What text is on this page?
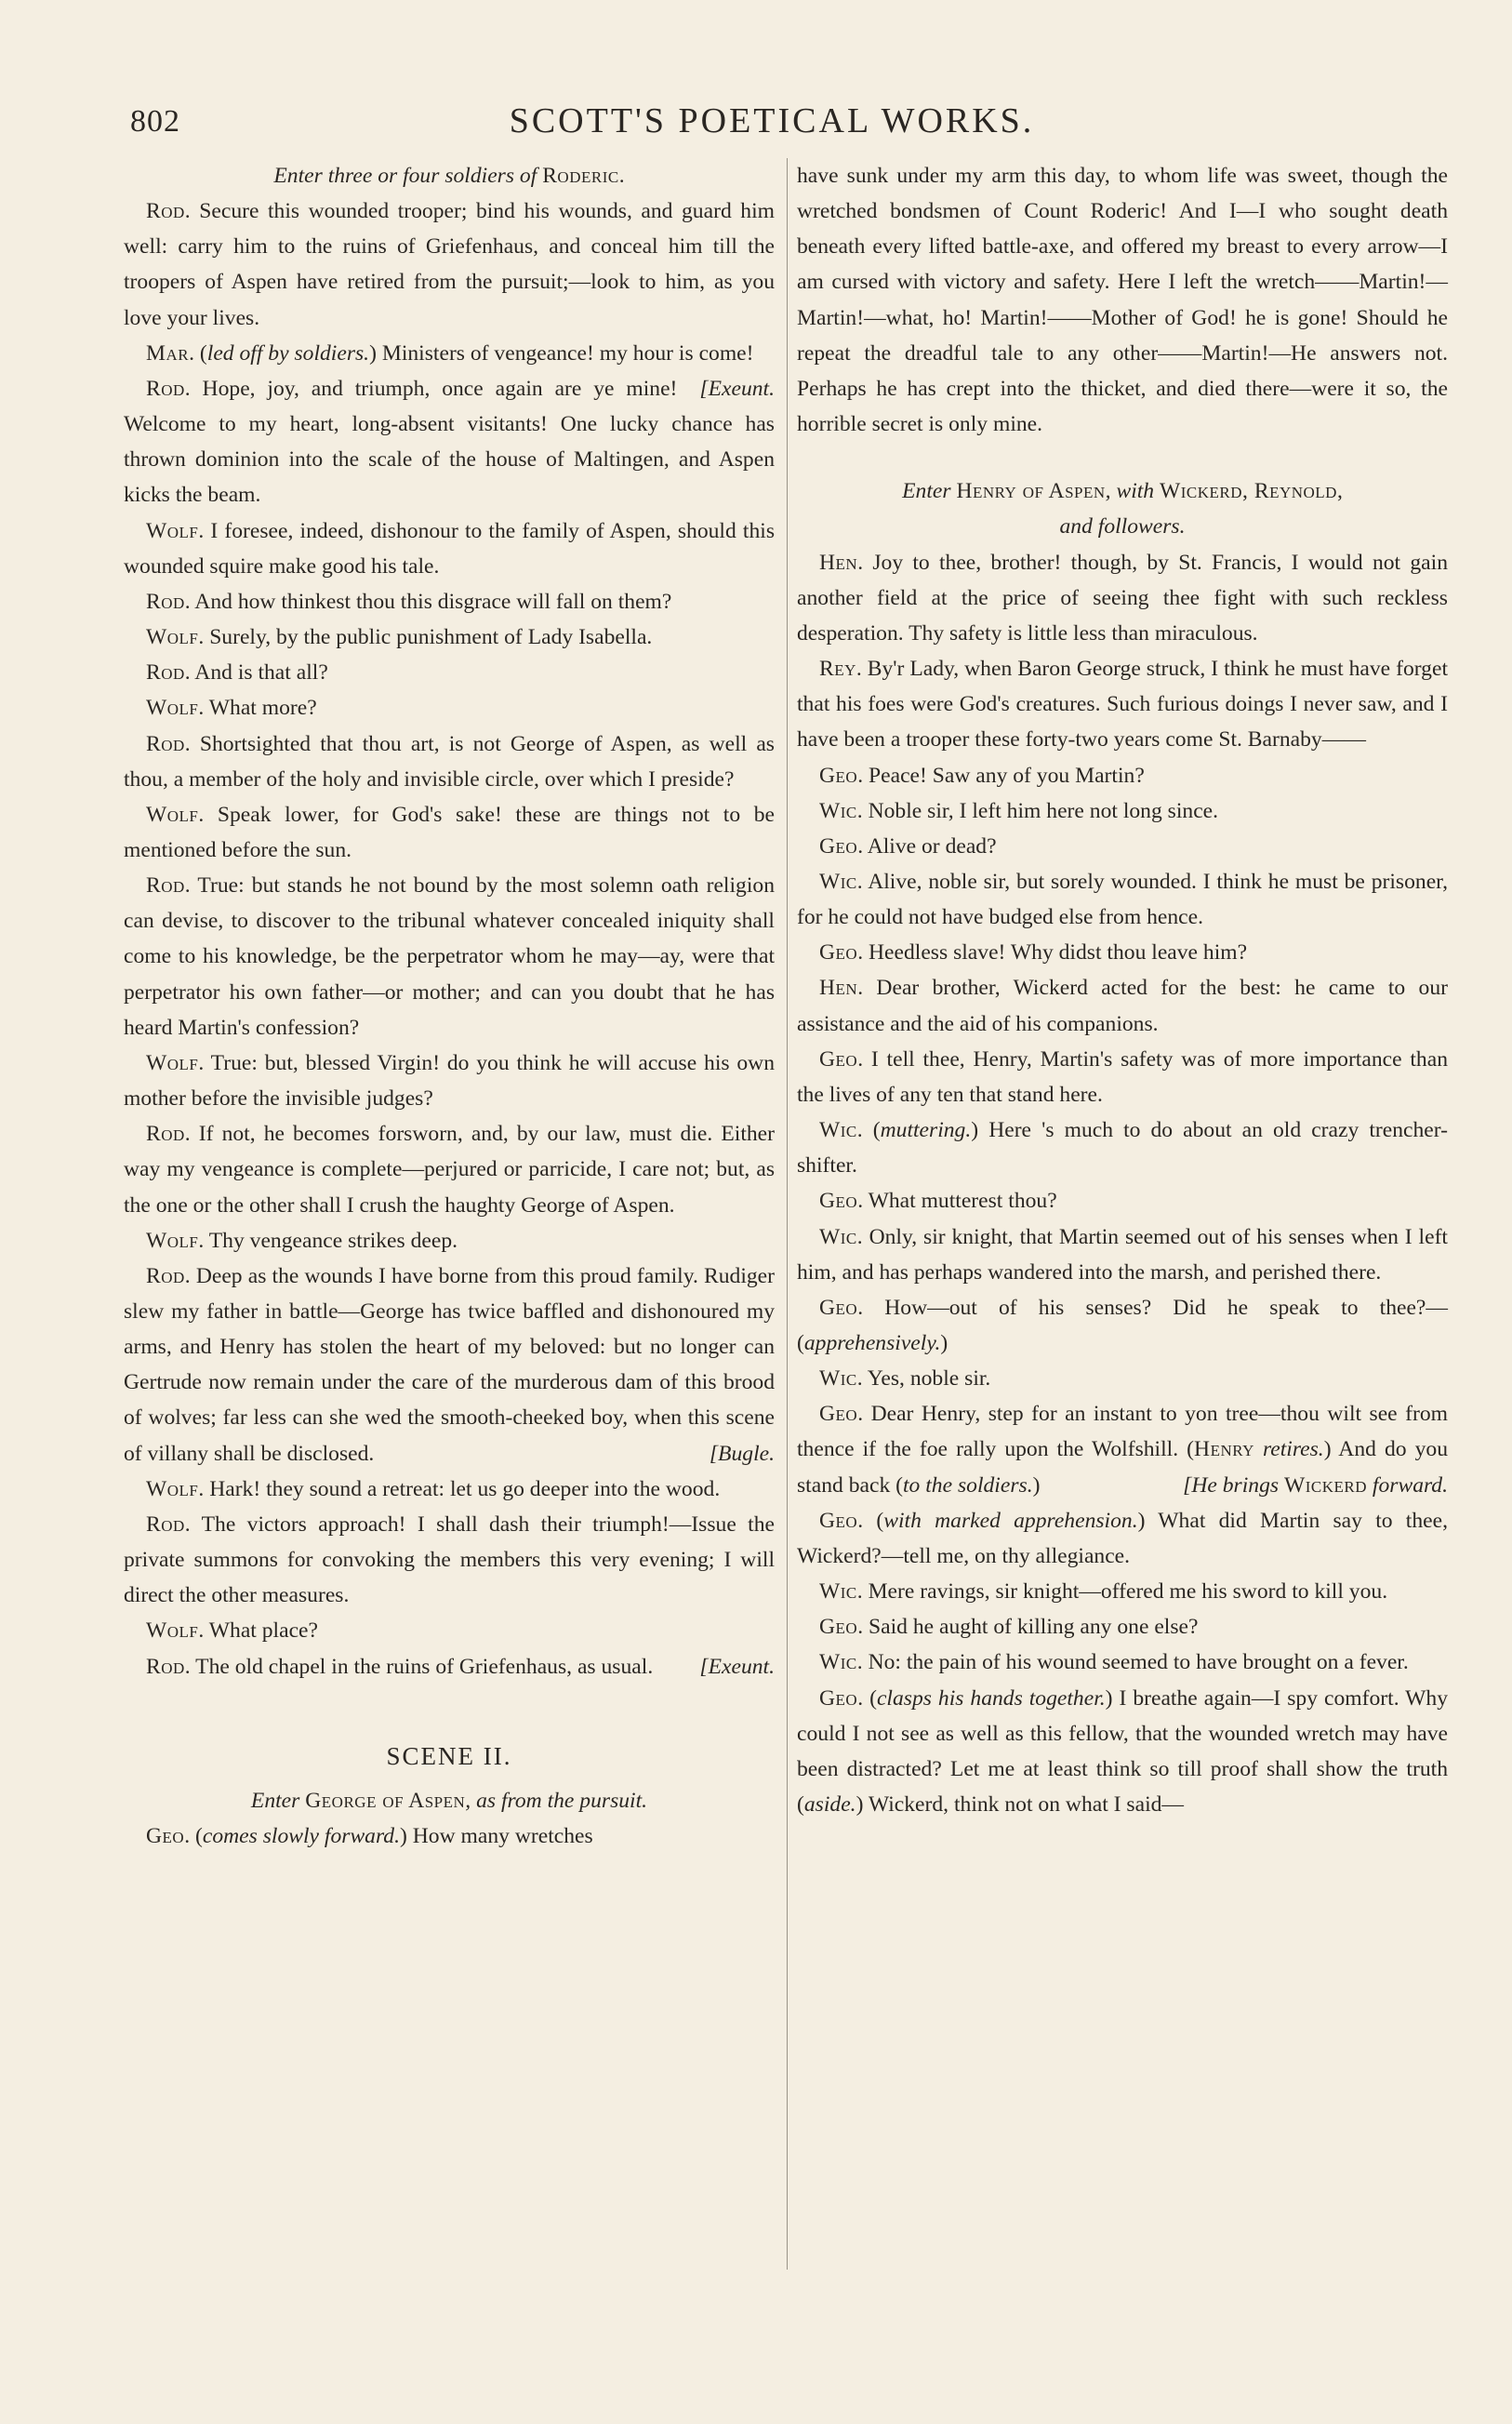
802	SCOTT'S POETICAL WORKS.

Enter three or four soldiers of Roderic.

Rod. Secure this wounded trooper; bind his wounds, and guard him well: carry him to the ruins of Griefenhaus, and conceal him till the troopers of Aspen have retired from the pursuit;—look to him, as you love your lives.

Mar. (led off by soldiers.) Ministers of vengeance! my hour is come!
[Exeunt.

Rod. Hope, joy, and triumph, once again are ye mine! Welcome to my heart, long-absent visitants! One lucky chance has thrown dominion into the scale of the house of Maltingen, and Aspen kicks the beam.

Wolf. I foresee, indeed, dishonour to the family of Aspen, should this wounded squire make good his tale.

Rod. And how thinkest thou this disgrace will fall on them?

Wolf. Surely, by the public punishment of Lady Isabella.

Rod. And is that all?

Wolf. What more?

Rod. Shortsighted that thou art, is not George of Aspen, as well as thou, a member of the holy and invisible circle, over which I preside?

Wolf. Speak lower, for God's sake! these are things not to be mentioned before the sun.

Rod. True: but stands he not bound by the most solemn oath religion can devise, to discover to the tribunal whatever concealed iniquity shall come to his knowledge, be the perpetrator whom he may—ay, were that perpetrator his own father—or mother; and can you doubt that he has heard Martin's confession?

Wolf. True: but, blessed Virgin! do you think he will accuse his own mother before the invisible judges?

Rod. If not, he becomes forsworn, and, by our law, must die. Either way my vengeance is complete—perjured or parricide, I care not; but, as the one or the other shall I crush the haughty George of Aspen.

Wolf. Thy vengeance strikes deep.

Rod. Deep as the wounds I have borne from this proud family. Rudiger slew my father in battle—George has twice baffled and dishonoured my arms, and Henry has stolen the heart of my beloved: but no longer can Gertrude now remain under the care of the murderous dam of this brood of wolves; far less can she wed the smooth-cheeked boy, when this scene of villany shall be disclosed.	[Bugle.

Wolf. Hark! they sound a retreat: let us go deeper into the wood.

Rod. The victors approach! I shall dash their triumph!—Issue the private summons for convoking the members this very evening; I will direct the other measures.

Wolf. What place?

Rod. The old chapel in the ruins of Griefenhaus, as usual.	[Exeunt.

SCENE II.

Enter George of Aspen, as from the pursuit.

Geo. (comes slowly forward.) How many wretches

have sunk under my arm this day, to whom life was sweet, though the wretched bondsmen of Count Roderic! And I—I who sought death beneath every lifted battle-axe, and offered my breast to every arrow—I am cursed with victory and safety. Here I left the wretch——Martin!—Martin!—what, ho! Martin!——Mother of God! he is gone! Should he repeat the dreadful tale to any other——Martin!—He answers not. Perhaps he has crept into the thicket, and died there—were it so, the horrible secret is only mine.

Enter Henry of Aspen, with Wickerd, Reynold,

and followers.

Hen. Joy to thee, brother! though, by St. Francis, I would not gain another field at the price of seeing thee fight with such reckless desperation. Thy safety is little less than miraculous.

Rey. By'r Lady, when Baron George struck, I think he must have forget that his foes were God's creatures. Such furious doings I never saw, and I have been a trooper these forty-two years come St. Barnaby——

Geo. Peace! Saw any of you Martin?

Wic. Noble sir, I left him here not long since.

Geo. Alive or dead?

Wic. Alive, noble sir, but sorely wounded. I think he must be prisoner, for he could not have budged else from hence.

Geo. Heedless slave! Why didst thou leave him?

Hen. Dear brother, Wickerd acted for the best: he came to our assistance and the aid of his companions.

Geo. I tell thee, Henry, Martin's safety was of more importance than the lives of any ten that stand here.

Wic. (muttering.) Here 's much to do about an old crazy trencher-shifter.

Geo. What mutterest thou?

Wic. Only, sir knight, that Martin seemed out of his senses when I left him, and has perhaps wandered into the marsh, and perished there.

Geo. How—out of his senses? Did he speak to thee?—(apprehensively.)

Wic. Yes, noble sir.

Geo. Dear Henry, step for an instant to yon tree—thou wilt see from thence if the foe rally upon the Wolfshill. (Henry retires.) And do you stand back (to the soldiers.)	[He brings Wickerd forward.

Geo. (with marked apprehension.) What did Martin say to thee, Wickerd?—tell me, on thy allegiance.

Wic. Mere ravings, sir knight—offered me his sword to kill you.

Geo. Said he aught of killing any one else?

Wic. No: the pain of his wound seemed to have brought on a fever.

Geo. (clasps his hands together.) I breathe again—I spy comfort. Why could I not see as well as this fellow, that the wounded wretch may have been distracted? Let me at least think so till proof shall show the truth (aside.) Wickerd, think not on what I said—
